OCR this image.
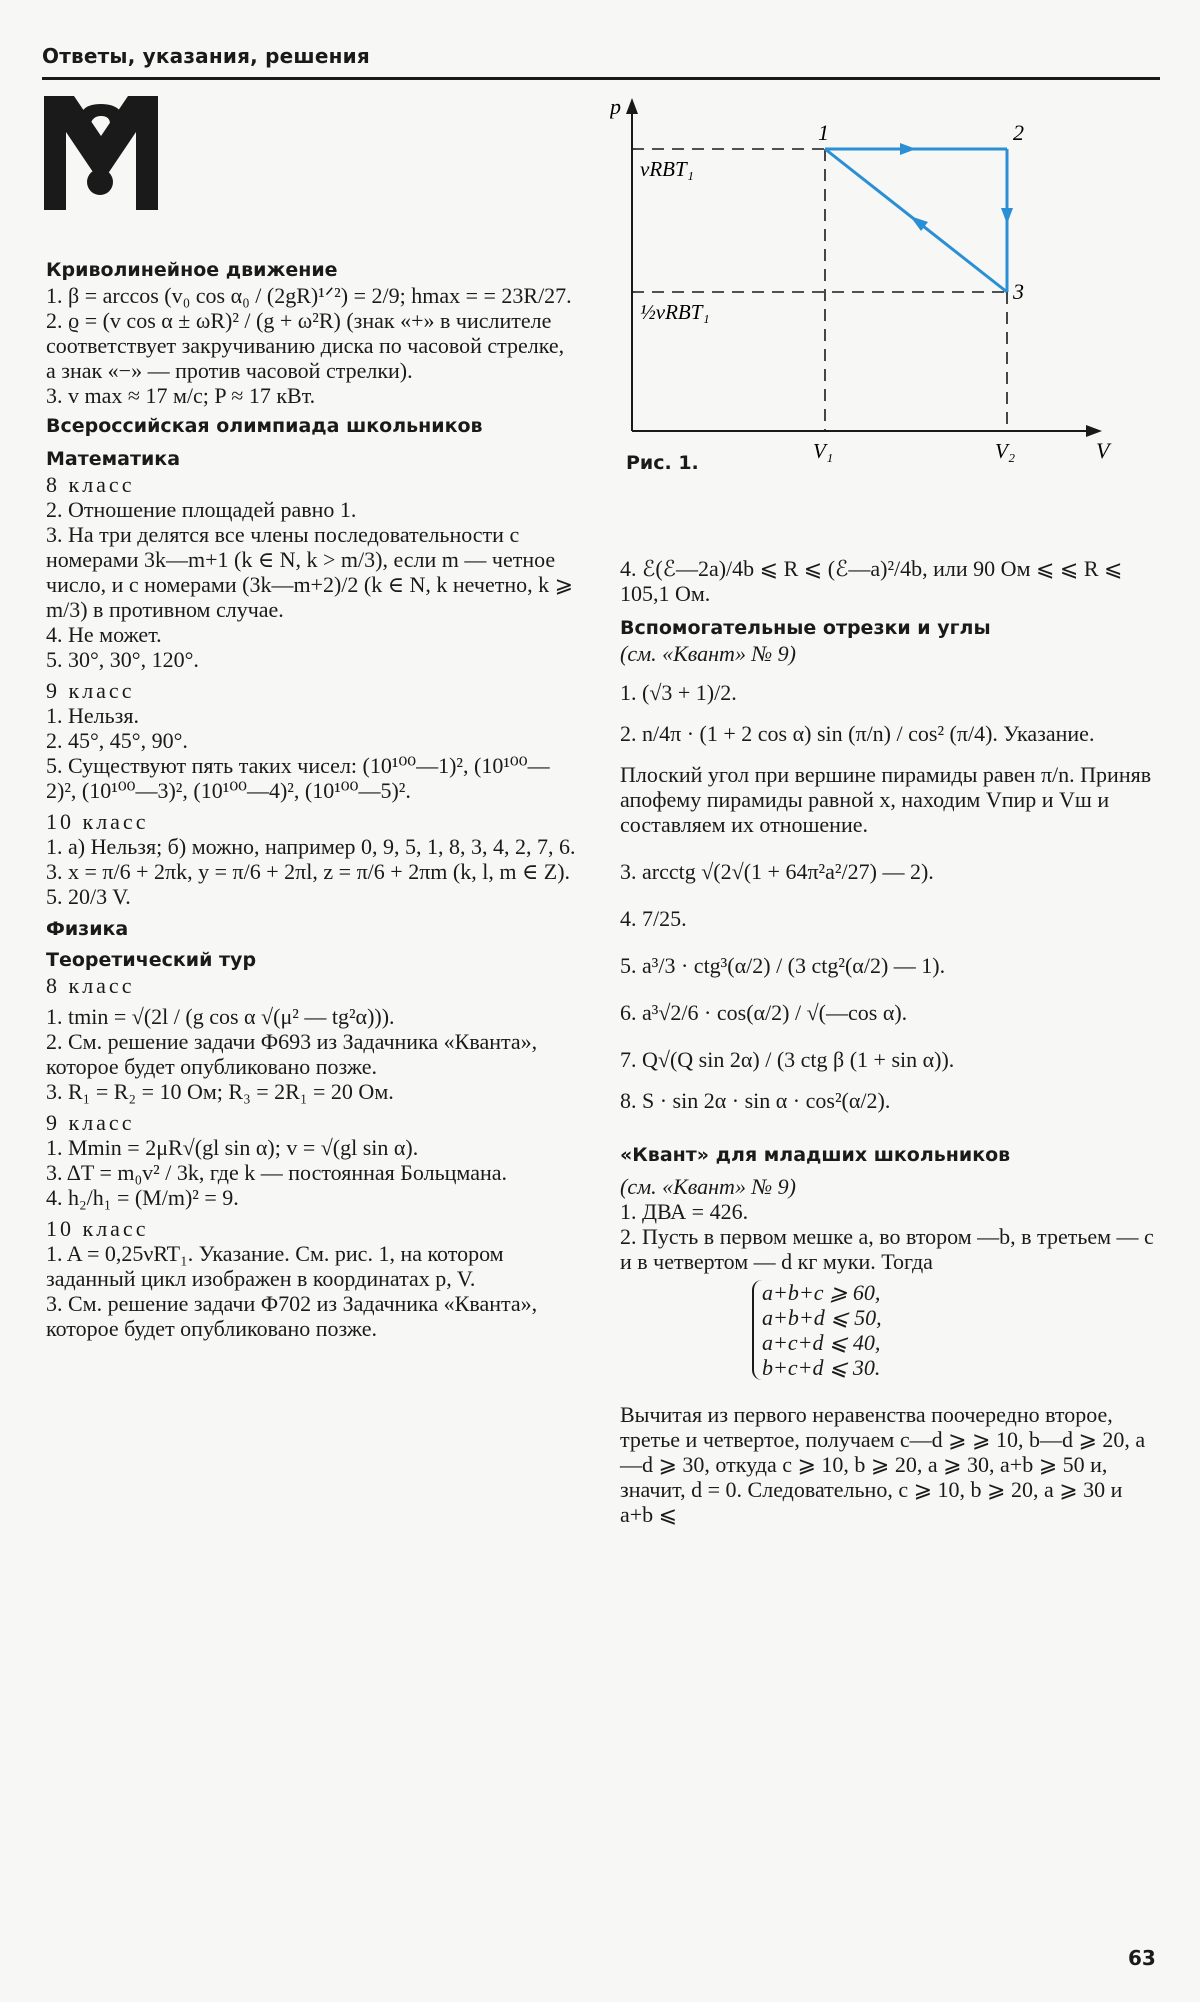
Ответы, указания, решения

Криволинейное движение

1. β = arccos (v₀ cos α₀ / (2gR)¹ᐟ²) = 2/9; hmax = = 23R/27.

2. ϱ = (v cos α ± ωR)² / (g + ω²R) (знак «+» в числителе соответствует закручиванию диска по часовой стрелке, а знак «−» — против часовой стрелки).

3. v max ≈ 17 м/с; P ≈ 17 кВт.

Всероссийская олимпиада школьников

Математика

8 класс

2. Отношение площадей равно 1.

3. На три делятся все члены последовательности с номерами 3k—m+1 (k ∈ N, k > m/3), если m — четное число, и с номерами (3k—m+2)/2 (k ∈ N, k нечетно, k ⩾ m/3) в противном случае.

4. Не может.

5. 30°, 30°, 120°.

9 класс

1. Нельзя.

2. 45°, 45°, 90°.

5. Существуют пять таких чисел: (10¹⁰⁰—1)², (10¹⁰⁰—2)², (10¹⁰⁰—3)², (10¹⁰⁰—4)², (10¹⁰⁰—5)².

10 класс

1. а) Нельзя; б) можно, например 0, 9, 5, 1, 8, 3, 4, 2, 7, 6.

3. x = π/6 + 2πk, y = π/6 + 2πl, z = π/6 + 2πm (k, l, m ∈ Z).

5. 20/3 V.

Физика

Теоретический тур

8 класс

1. tmin = √(2l / (g cos α √(μ² — tg²α))).

2. См. решение задачи Ф693 из Задачника «Кванта», которое будет опубликовано позже.

3. R₁ = R₂ = 10 Ом; R₃ = 2R₁ = 20 Ом.

9 класс

1. Mmin = 2μR√(gl sin α); v = √(gl sin α).

3. ΔT = m₀v² / 3k, где k — постоянная Больцмана.

4. h₂/h₁ = (M/m)² = 9.

10 класс

1. A = 0,25νRT₁. Указание. См. рис. 1, на котором заданный цикл изображен в координатах p, V.

3. См. решение задачи Ф702 из Задачника «Кванта», которое будет опубликовано позже.

p
V
νRBT₁
½νRBT₁
V₁	V₂
1	2
3
Рис. 1.

4. ℰ(ℰ—2a)/4b ⩽ R ⩽ (ℰ—a)²/4b, или 90 Ом ⩽ ⩽ R ⩽ 105,1 Ом.

Вспомогательные отрезки и углы

(см. «Квант» № 9)

1. (√3 + 1)/2.

2. n/4π · (1 + 2 cos α) sin (π/n) / cos² (π/4). Указание.

Плоский угол при вершине пирамиды равен π/n. Приняв апофему пирамиды равной x, находим Vпир и Vш и составляем их отношение.

3. arcctg √(2√(1 + 64π²a²/27) — 2).

4. 7/25.

5. a³/3 · ctg³(α/2) / (3 ctg²(α/2) — 1).

6. a³√2/6 · cos(α/2) / √(—cos α).

7. Q√(Q sin 2α) / (3 ctg β (1 + sin α)).

8. S · sin 2α · sin α · cos²(α/2).

«Квант» для младших школьников

(см. «Квант» № 9)

1. ДВА = 426.

2. Пусть в первом мешке a, во втором —b, в третьем — c и в четвертом — d кг муки. Тогда

a+b+c ⩾ 60,
a+b+d ⩽ 50,
a+c+d ⩽ 40,
b+c+d ⩽ 30.

Вычитая из первого неравенства поочередно второе, третье и четвертое, получаем c—d ⩾ ⩾ 10, b—d ⩾ 20, a—d ⩾ 30, откуда c ⩾ 10, b ⩾ 20, a ⩾ 30, a+b ⩾ 50 и, значит, d = 0. Следовательно, c ⩾ 10, b ⩾ 20, a ⩾ 30 и a+b ⩽

63
